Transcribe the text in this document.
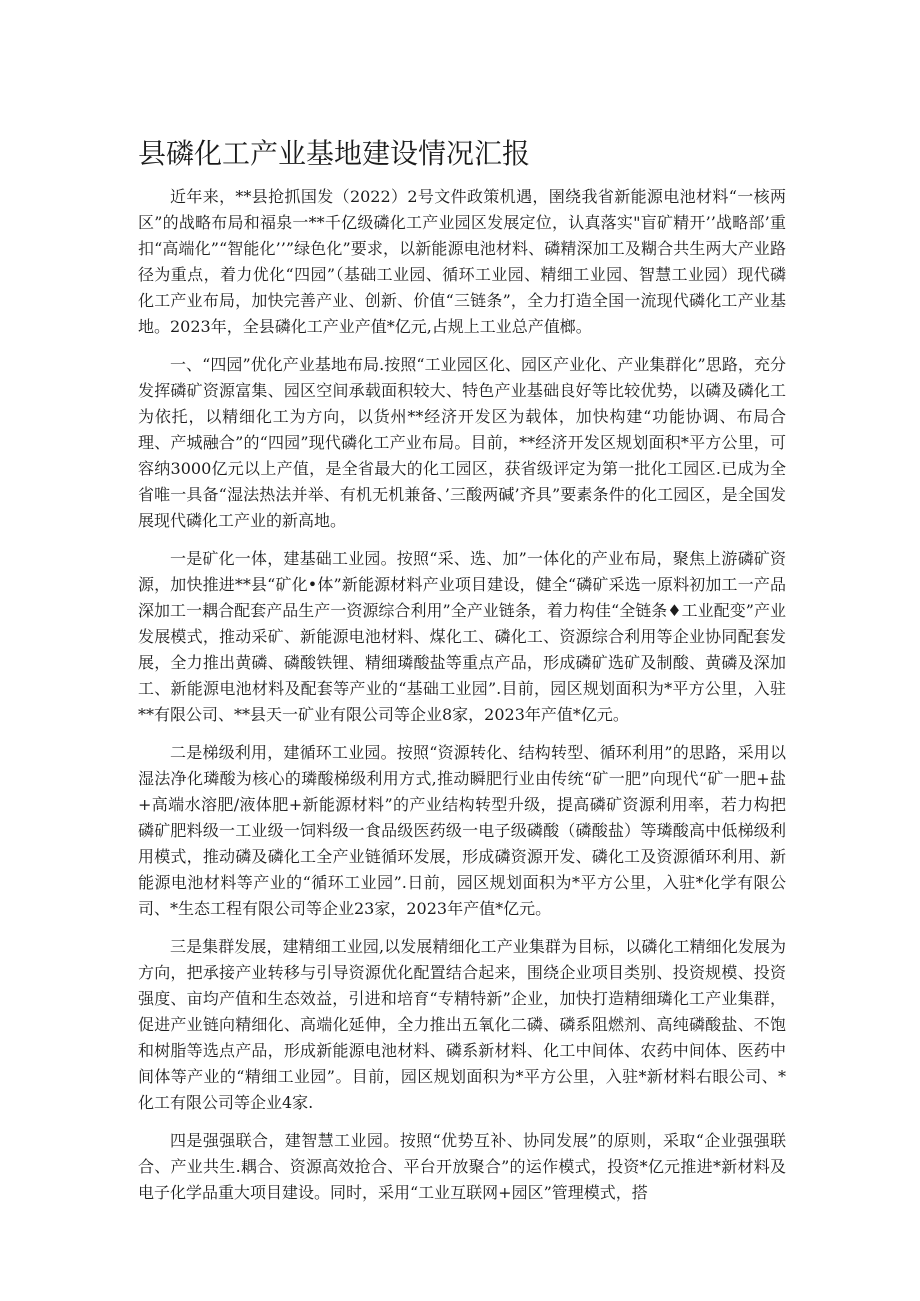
县磷化工产业基地建设情况汇报

近年来，**县抢抓国发（2022）2号文件政策机遇，圉绕我省新能源电池材料“一核两区”的战略布局和福泉一**千亿级磷化工产业园区发展定位，认真落实"盲矿精开’’战略部’重扣“高端化”“智能化’’”绿色化”要求，以新能源电池材料、磷精深加工及糊合共生两大产业路径为重点，着力优化“四园”（基础工业园、循环工业园、精细工业园、智慧工业园）现代磷化工产业布局，加快完善产业、创新、价值“三链条”，全力打造全国一流现代磷化工产业基地。2023年，全县磷化工产业产值*亿元,占规上工业总产值榔。

一、“四园”优化产业基地布局.按照“工业园区化、园区产业化、产业集群化”思路，充分发挥磷矿资源富集、园区空间承载面积较大、特色产业基础良好等比较优势，以磷及磷化工为依托，以精细化工为方向，以货州**经济开发区为载体，加快构建“功能协调、布局合理、产城融合”的“四园”现代磷化工产业布局。目前，**经济开发区规划面积*平方公里，可容纳3000亿元以上产值，是全省最大的化工园区，获省级评定为第一批化工园区.已成为全省唯一具备“湿法热法并举、有机无机兼备、’三酸两碱’齐具”要素条件的化工园区，是全国发展现代磷化工产业的新高地。

一是矿化一体，建基础工业园。按照“采、选、加”一体化的产业布局，聚焦上游磷矿资源，加快推进**县“矿化•体”新能源材料产业项目建设，健全“磷矿采选一原料初加工一产品深加工一耦合配套产品生产一资源综合利用”全产业链条，着力构佳“全链条♦工业配变”产业发展模式，推动采矿、新能源电池材料、煤化工、磷化工、资源综合利用等企业协同配套发展，全力推出黄磷、磷酸铁锂、精细璘酸盐等重点产品，形成磷矿选矿及制酸、黄磷及深加工、新能源电池材料及配套等产业的“基础工业园”.目前，园区规划面积为*平方公里，入驻**有限公司、**县天一矿业有限公司等企业8家，2023年产值*亿元。

二是梯级利用，建循环工业园。按照“资源转化、结构转型、循环利用”的思路，采用以湿法净化璘酸为核心的璘酸梯级利用方式,推动瞬肥行业由传统“矿一肥”向现代“矿一肥+盐+高端水溶肥/液体肥+新能源材料”的产业结构转型升级，提高磷矿资源利用率，若力构把磷矿肥料级一工业级一饲料级一食品级医药级一电子级磷酸（磷酸盐）等璘酸高中低梯级利用模式，推动磷及磷化工全产业链循环发展，形成磷资源开发、磷化工及资源循环利用、新能源电池材料等产业的“循环工业园”.日前，园区规划面积为*平方公里，入驻*化学有限公司、*生态工程有限公司等企业23家，2023年产值*亿元。

三是集群发展，建精细工业园,以发展精细化工产业集群为目标，以磷化工精细化发展为方向，把承接产业转移与引导资源优化配置结合起来，围绕企业项目类别、投资规模、投资强度、亩均产值和生态效益，引进和培育“专精特新”企业，加快打造精细璘化工产业集群，促进产业链向精细化、高端化延伸，全力推出五氧化二磷、磷系阻燃剂、高纯磷酸盐、不饱和树脂等选点产品，形成新能源电池材料、磷系新材料、化工中间体、农药中间体、医药中间体等产业的“精细工业园”。目前，园区规划面积为*平方公里，入驻*新材料右眼公司、*化工有限公司等企业4家.

四是强强联合，建智慧工业园。按照“优势互补、协同发展”的原则，采取“企业强强联合、产业共生.耦合、资源高效抢合、平台开放聚合”的运作模式，投资*亿元推进*新材料及电子化学品重大项目建设。同时，采用“工业互联网+园区”管理模式，搭
